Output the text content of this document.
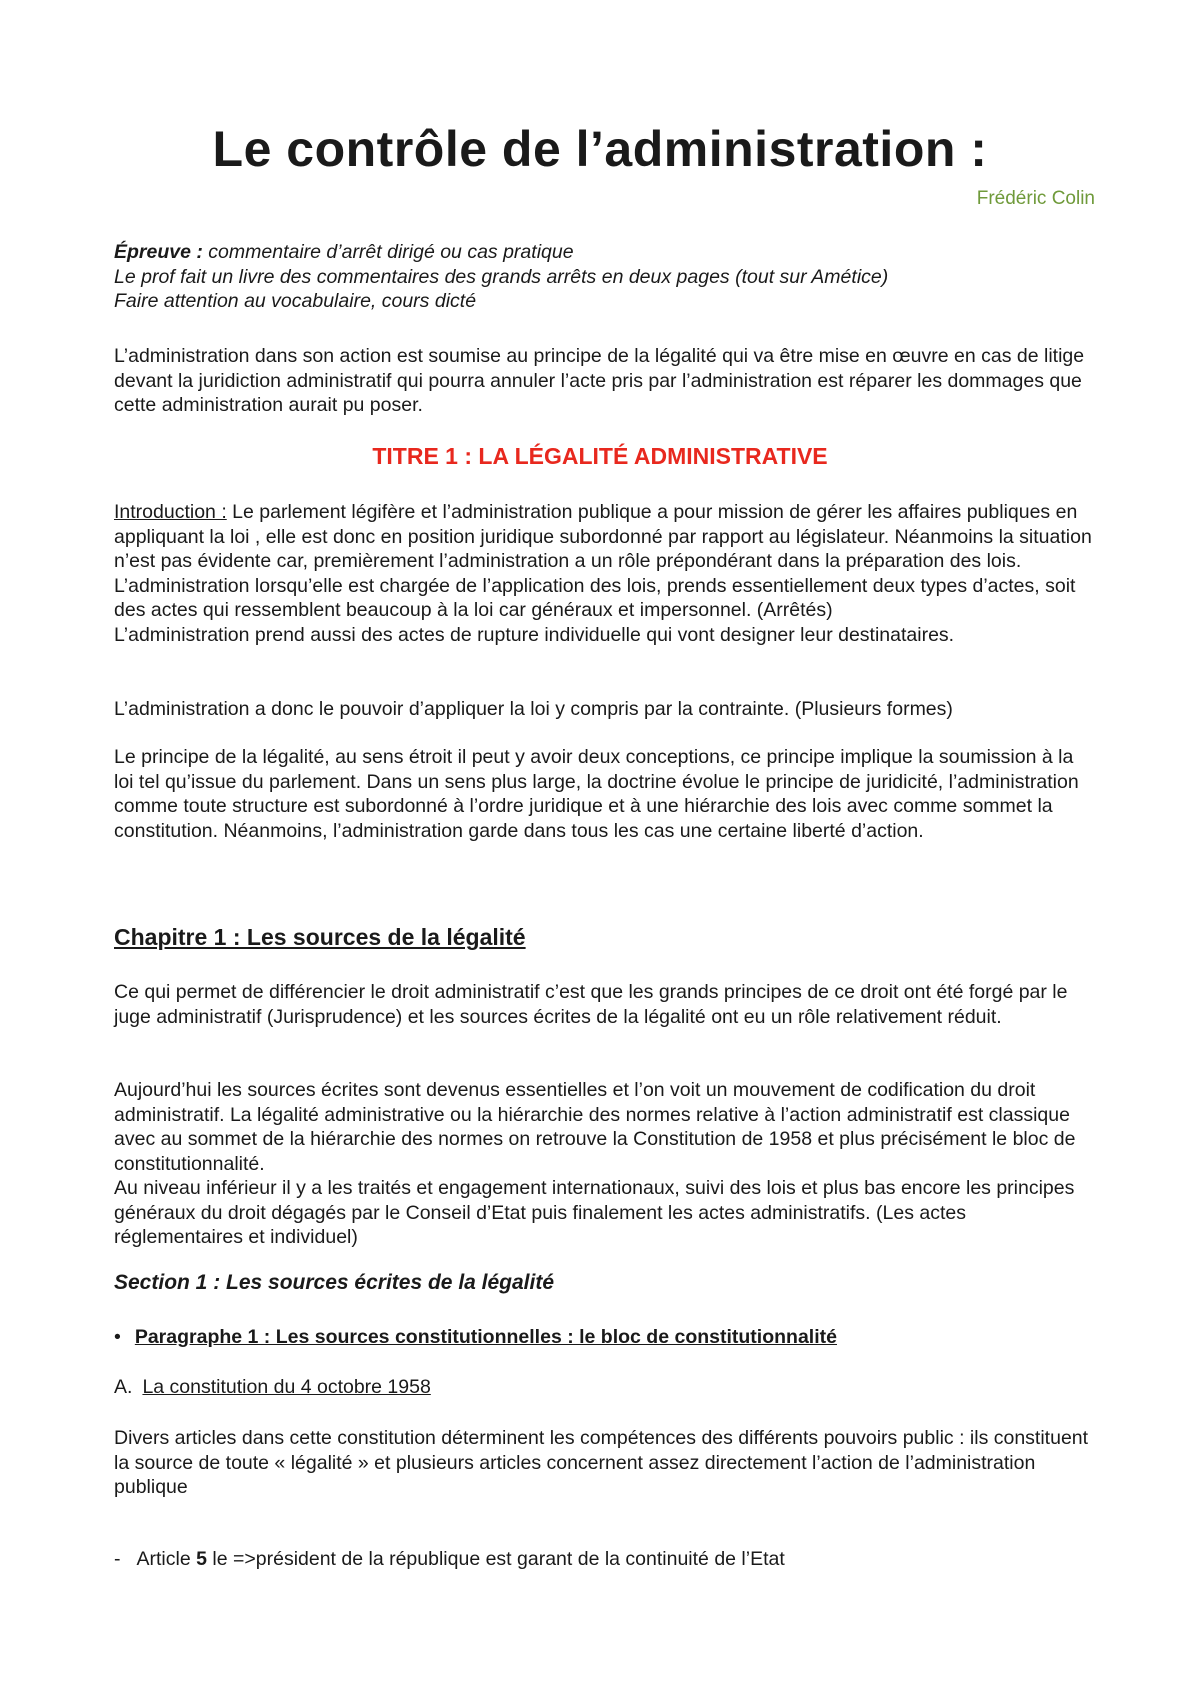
Le contrôle de l’administration :
Frédéric Colin

Épreuve : commentaire d’arrêt dirigé ou cas pratique

Le prof fait un livre des commentaires des grands arrêts en deux pages (tout sur Amétice)

Faire attention au vocabulaire, cours dicté

L’administration dans son action est soumise au principe de la légalité qui va être mise en œuvre en cas de litige devant la juridiction administratif qui pourra annuler l’acte pris par l’administration est réparer les dommages que cette administration aurait pu poser.

TITRE 1 : LA LÉGALITÉ ADMINISTRATIVE

Introduction : Le parlement légifère et l’administration publique a pour mission de gérer les affaires publiques en appliquant la loi , elle est donc en position juridique subordonné par rapport au législateur. Néanmoins la situation n’est pas évidente car, premièrement l’administration a un rôle prépondérant dans la préparation des lois. L’administration lorsqu’elle est chargée de l’application des lois, prends essentiellement deux types d’actes, soit des actes qui ressemblent beaucoup à la loi car généraux et impersonnel. (Arrêtés)

L’administration prend aussi des actes de rupture individuelle qui vont designer leur destinataires.

L’administration a donc le pouvoir d’appliquer la loi y compris par la contrainte. (Plusieurs formes)

Le principe de la légalité, au sens étroit il peut y avoir deux conceptions, ce principe implique la soumission à la loi tel qu’issue du parlement. Dans un sens plus large, la doctrine évolue le principe de juridicité, l’administration comme toute structure est subordonné à l’ordre juridique et à une hiérarchie des lois avec comme sommet la constitution. Néanmoins, l’administration garde dans tous les cas une certaine liberté d’action.

Chapitre 1 : Les sources de la légalité

Ce qui permet de différencier le droit administratif c’est que les grands principes de ce droit ont été forgé par le juge administratif (Jurisprudence) et les sources écrites de la légalité ont eu un rôle relativement réduit.

Aujourd’hui les sources écrites sont devenus essentielles et l’on voit un mouvement de codification du droit administratif. La légalité administrative ou la hiérarchie des normes relative à l’action administratif est classique avec au sommet de la hiérarchie des normes on retrouve la Constitution de 1958 et plus précisément le bloc de constitutionnalité.

Au niveau inférieur il y a les traités et engagement internationaux, suivi des lois et plus bas encore les principes généraux du droit dégagés par le Conseil d’Etat puis finalement les actes administratifs. (Les actes réglementaires et individuel)

Section 1 : Les sources écrites de la légalité
• Paragraphe 1 : Les sources constitutionnelles : le bloc de constitutionnalité
A. La constitution du 4 octobre 1958

Divers articles dans cette constitution déterminent les compétences des différents pouvoirs public : ils constituent la source de toute « légalité » et plusieurs articles concernent assez directement l’action de l’administration publique

- Article 5 le =>président de la république est garant de la continuité de l’Etat
